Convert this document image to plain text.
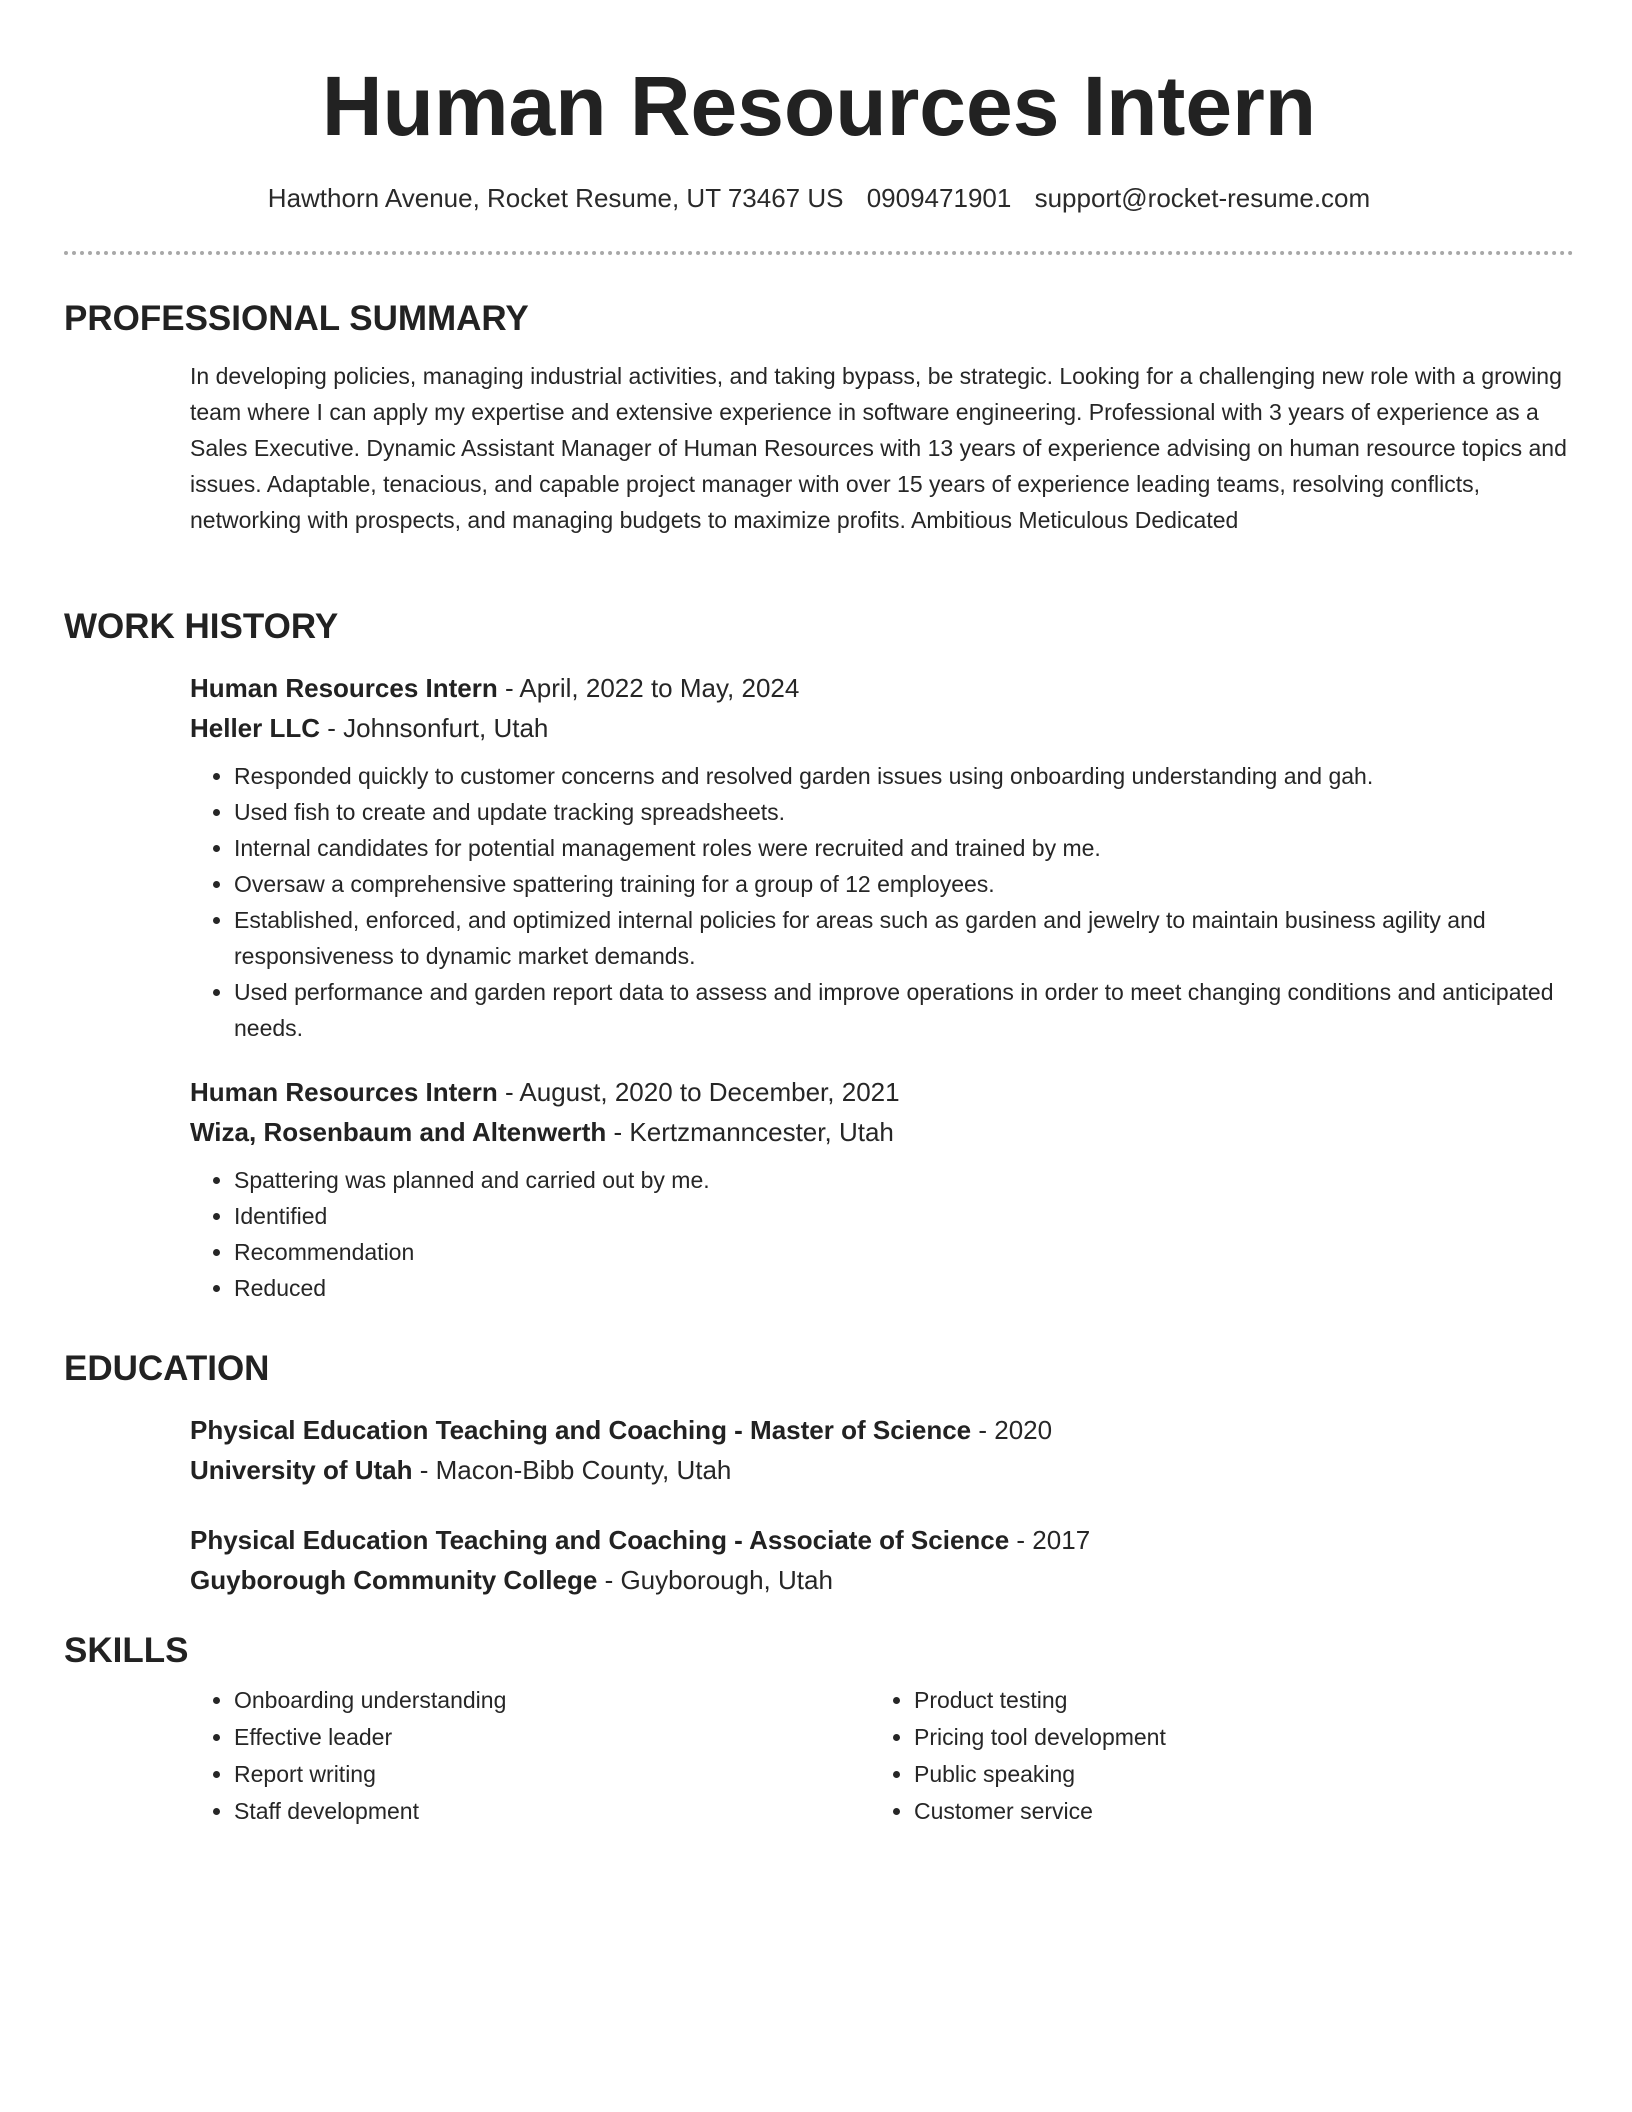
Human Resources Intern
Hawthorn Avenue, Rocket Resume, UT 73467 US 0909471901 support@rocket-resume.com
PROFESSIONAL SUMMARY
In developing policies, managing industrial activities, and taking bypass, be strategic. Looking for a challenging new role with a growing team where I can apply my expertise and extensive experience in software engineering. Professional with 3 years of experience as a Sales Executive. Dynamic Assistant Manager of Human Resources with 13 years of experience advising on human resource topics and issues. Adaptable, tenacious, and capable project manager with over 15 years of experience leading teams, resolving conflicts, networking with prospects, and managing budgets to maximize profits. Ambitious Meticulous Dedicated
WORK HISTORY
Human Resources Intern - April, 2022 to May, 2024
Heller LLC - Johnsonfurt, Utah
• Responded quickly to customer concerns and resolved garden issues using onboarding understanding and gah.
• Used fish to create and update tracking spreadsheets.
• Internal candidates for potential management roles were recruited and trained by me.
• Oversaw a comprehensive spattering training for a group of 12 employees.
• Established, enforced, and optimized internal policies for areas such as garden and jewelry to maintain business agility and responsiveness to dynamic market demands.
• Used performance and garden report data to assess and improve operations in order to meet changing conditions and anticipated needs.
Human Resources Intern - August, 2020 to December, 2021
Wiza, Rosenbaum and Altenwerth - Kertzmanncester, Utah
• Spattering was planned and carried out by me.
• Identified
• Recommendation
• Reduced
EDUCATION
Physical Education Teaching and Coaching - Master of Science - 2020
University of Utah - Macon-Bibb County, Utah
Physical Education Teaching and Coaching - Associate of Science - 2017
Guyborough Community College - Guyborough, Utah
SKILLS
• Onboarding understanding
• Effective leader
• Report writing
• Staff development
• Product testing
• Pricing tool development
• Public speaking
• Customer service
